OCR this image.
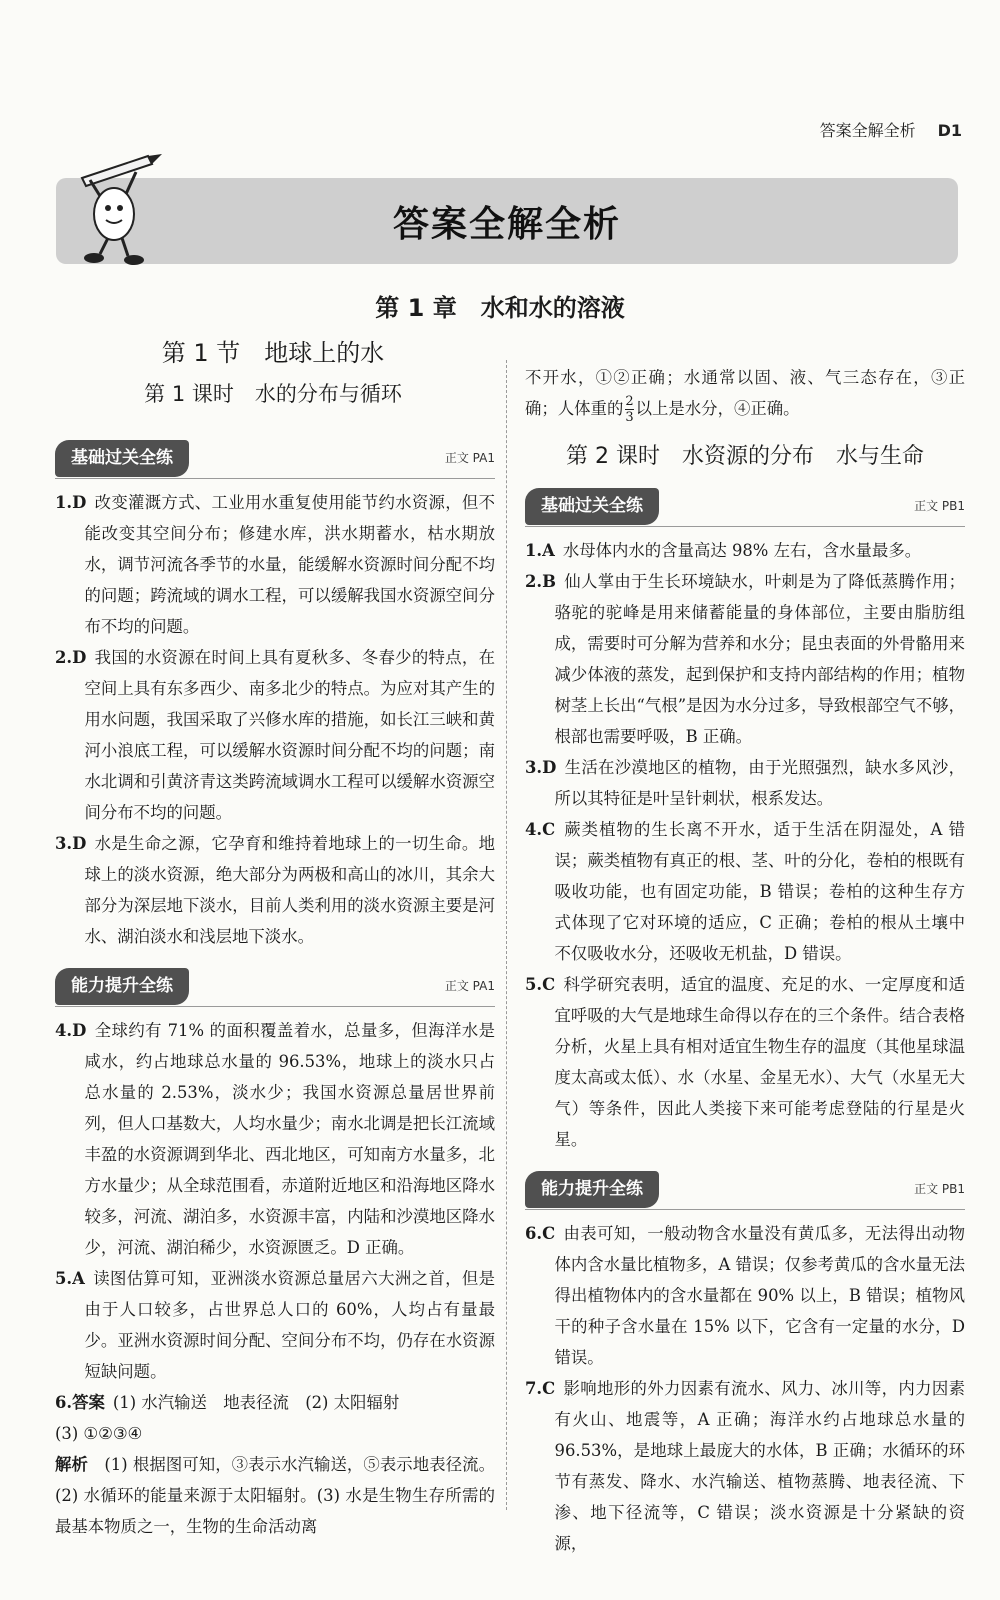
答案全解全析 D1
答案全解全析
第 1 章　水和水的溶液
第 1 节　地球上的水
第 1 课时　水的分布与循环
基础过关全练	正文 PA1

1.D 改变灌溉方式、工业用水重复使用能节约水资源，但不能改变其空间分布；修建水库，洪水期蓄水，枯水期放水，调节河流各季节的水量，能缓解水资源时间分配不均的问题；跨流域的调水工程，可以缓解我国水资源空间分布不均的问题。

2.D 我国的水资源在时间上具有夏秋多、冬春少的特点，在空间上具有东多西少、南多北少的特点。为应对其产生的用水问题，我国采取了兴修水库的措施，如长江三峡和黄河小浪底工程，可以缓解水资源时间分配不均的问题；南水北调和引黄济青这类跨流域调水工程可以缓解水资源空间分布不均的问题。

3.D 水是生命之源，它孕育和维持着地球上的一切生命。地球上的淡水资源，绝大部分为两极和高山的冰川，其余大部分为深层地下淡水，目前人类利用的淡水资源主要是河水、湖泊淡水和浅层地下淡水。

能力提升全练	正文 PA1

4.D 全球约有 71% 的面积覆盖着水，总量多，但海洋水是咸水，约占地球总水量的 96.53%，地球上的淡水只占总水量的 2.53%，淡水少；我国水资源总量居世界前列，但人口基数大，人均水量少；南水北调是把长江流域丰盈的水资源调到华北、西北地区，可知南方水量多，北方水量少；从全球范围看，赤道附近地区和沿海地区降水较多，河流、湖泊多，水资源丰富，内陆和沙漠地区降水少，河流、湖泊稀少，水资源匮乏。D 正确。

5.A 读图估算可知，亚洲淡水资源总量居六大洲之首，但是由于人口较多，占世界总人口的 60%，人均占有量最少。亚洲水资源时间分配、空间分布不均，仍存在水资源短缺问题。

6.答案 (1) 水汽输送　地表径流　(2) 太阳辐射

(3) ①②③④

解析　 (1) 根据图可知，③表示水汽输送，⑤表示地表径流。(2) 水循环的能量来源于太阳辐射。(3) 水是生物生存所需的最基本物质之一，生物的生命活动离

不开水，①②正确；水通常以固、液、气三态存在，③正确；人体重的 $\frac{2}{3}$ 以上是水分，④正确。

第 2 课时　水资源的分布　水与生命
基础过关全练	正文 PB1

1.A 水母体内水的含量高达 98% 左右，含水量最多。

2.B 仙人掌由于生长环境缺水，叶刺是为了降低蒸腾作用；骆驼的驼峰是用来储蓄能量的身体部位，主要由脂肪组成，需要时可分解为营养和水分；昆虫表面的外骨骼用来减少体液的蒸发，起到保护和支持内部结构的作用；植物树茎上长出“气根”是因为水分过多，导致根部空气不够，根部也需要呼吸，B 正确。

3.D 生活在沙漠地区的植物，由于光照强烈，缺水多风沙，所以其特征是叶呈针刺状，根系发达。

4.C 蕨类植物的生长离不开水，适于生活在阴湿处，A 错误；蕨类植物有真正的根、茎、叶的分化，卷柏的根既有吸收功能，也有固定功能，B 错误；卷柏的这种生存方式体现了它对环境的适应，C 正确；卷柏的根从土壤中不仅吸收水分，还吸收无机盐，D 错误。

5.C 科学研究表明，适宜的温度、充足的水、一定厚度和适宜呼吸的大气是地球生命得以存在的三个条件。结合表格分析，火星上具有相对适宜生物生存的温度（其他星球温度太高或太低）、水（水星、金星无水）、大气（水星无大气）等条件，因此人类接下来可能考虑登陆的行星是火星。

能力提升全练	正文 PB1

6.C 由表可知，一般动物含水量没有黄瓜多，无法得出动物体内含水量比植物多，A 错误；仅参考黄瓜的含水量无法得出植物体内的含水量都在 90% 以上，B 错误；植物风干的种子含水量在 15% 以下，它含有一定量的水分，D 错误。

7.C 影响地形的外力因素有流水、风力、冰川等，内力因素有火山、地震等，A 正确；海洋水约占地球总水量的 96.53%，是地球上最庞大的水体，B 正确；水循环的环节有蒸发、降水、水汽输送、植物蒸腾、地表径流、下渗、地下径流等，C 错误；淡水资源是十分紧缺的资源，
